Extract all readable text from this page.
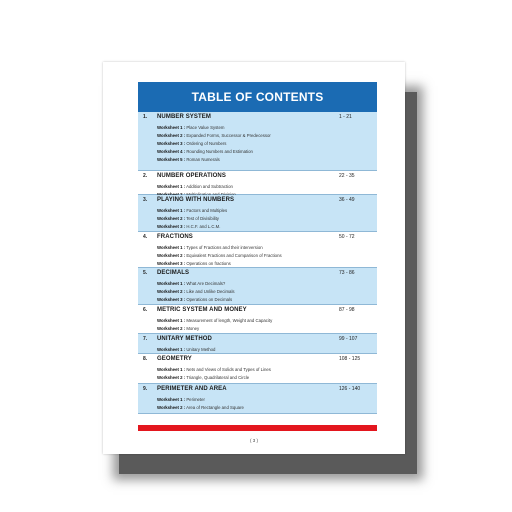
TABLE OF CONTENTS
1.	NUMBER SYSTEM	1 - 21
Worksheet 1 : Place Value System
Worksheet 2 : Expanded Forms, Successor & Predecessor
Worksheet 3 : Ordering of Numbers
Worksheet 4 : Rounding Numbers and Estimation
Worksheet 5 : Roman Numerals
2.	NUMBER OPERATIONS	22 - 35
Worksheet 1 : Addition and Subtraction
3.	PLAYING WITH NUMBERS	36 - 49
Worksheet 1 : Factors and Multiples
Worksheet 2 : Test of Divisibility
Worksheet 3 : H.C.F. and L.C.M.
4.	FRACTIONS	50 - 72
Worksheet 1 : Types of Fractions and their interversion
Worksheet 2 : Equivalent Fractions and Comparison of Fractions
Worksheet 3 : Operations on fractions
5.	DECIMALS	73 - 86
Worksheet 1 : What Are Decimals?
Worksheet 2 : Like and Unlike Decimals
Worksheet 3 : Operations on Decimals
6.	METRIC SYSTEM AND MONEY	87 - 98
Worksheet 1 : Measurement of length, Weight and Capacity
Worksheet 2 : Money
7.	UNITARY METHOD	99 - 107
Worksheet 1 : Unitary Method
8.	GEOMETRY	108 - 125
Worksheet 1 : Nets and Views of Solids and Types of Lines
Worksheet 2 : Triangle, Quadrilateral and Circle
9.	PERIMETER AND AREA	126 - 140
Worksheet 1 : Perimeter
Worksheet 2 : Area of Rectangle and Square
( 3 )
